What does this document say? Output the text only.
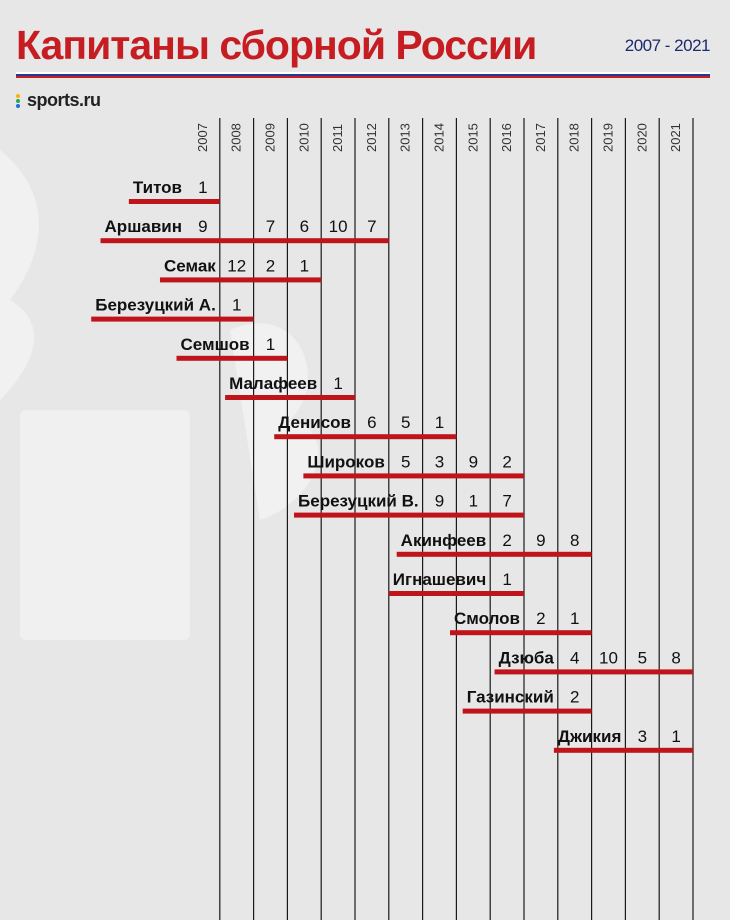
Капитаны сборной России	2007 - 2021
sports.ru
2007 2008 2009 2010 2011 2012 2013 2014 2015 2016 2017 2018 2019 2020 2021
1
Титов
9	7 6 10 7
Аршавин
12 2 1
Семак
1
Березуцкий А.
1
Семшов
1
Малафеев
6 5 1
Денисов
5 3 9 2
Широков
9 1 7
Березуцкий В.
2 9 8
Акинфеев
1
Игнашевич
2 1
Смолов
4 10 5 8
Дзюба
2
Газинский
3 1
Джикия
